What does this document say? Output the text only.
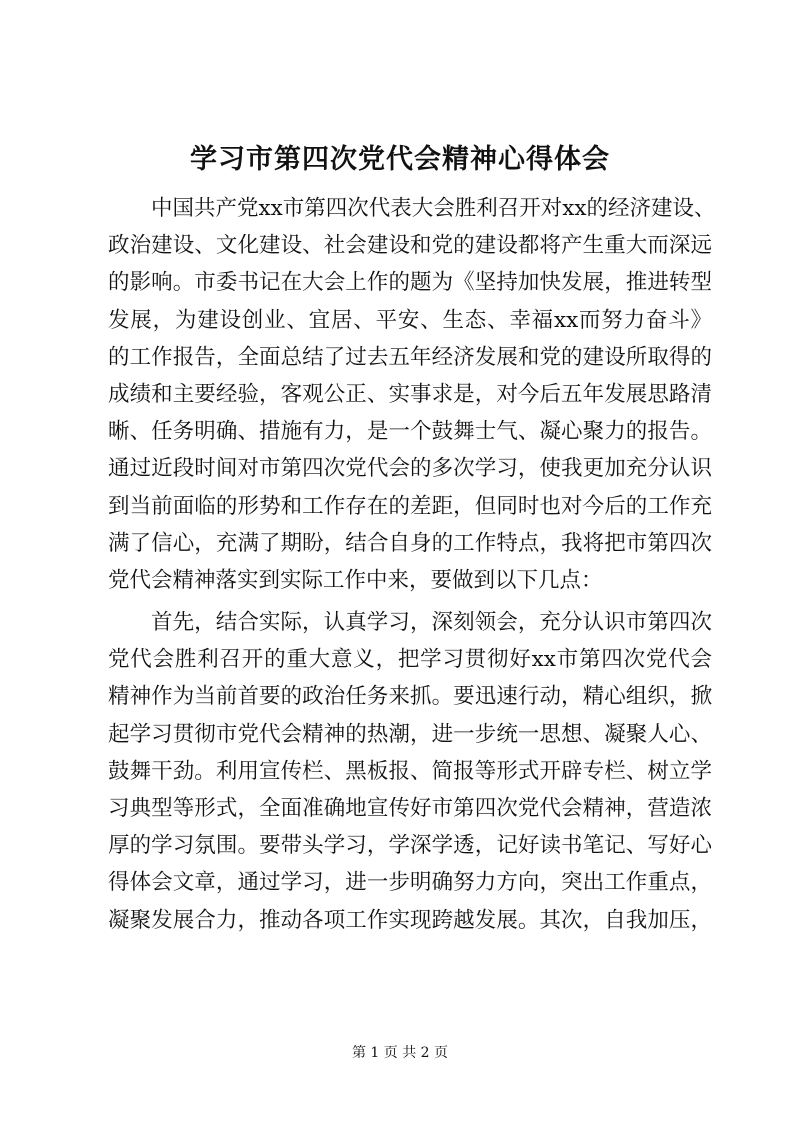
学习市第四次党代会精神心得体会
中国共产党xx市第四次代表大会胜利召开对xx的经济建设、
政治建设、文化建设、社会建设和党的建设都将产生重大而深远
的影响。市委书记在大会上作的题为《坚持加快发展，推进转型
发展，为建设创业、宜居、平安、生态、幸福xx而努力奋斗》
的工作报告，全面总结了过去五年经济发展和党的建设所取得的
成绩和主要经验，客观公正、实事求是，对今后五年发展思路清
晰、任务明确、措施有力，是一个鼓舞士气、凝心聚力的报告。
通过近段时间对市第四次党代会的多次学习，使我更加充分认识
到当前面临的形势和工作存在的差距，但同时也对今后的工作充
满了信心，充满了期盼，结合自身的工作特点，我将把市第四次
党代会精神落实到实际工作中来，要做到以下几点：
首先，结合实际，认真学习，深刻领会，充分认识市第四次
党代会胜利召开的重大意义，把学习贯彻好xx市第四次党代会
精神作为当前首要的政治任务来抓。要迅速行动，精心组织，掀
起学习贯彻市党代会精神的热潮，进一步统一思想、凝聚人心、
鼓舞干劲。利用宣传栏、黑板报、简报等形式开辟专栏、树立学
习典型等形式，全面准确地宣传好市第四次党代会精神，营造浓
厚的学习氛围。要带头学习，学深学透，记好读书笔记、写好心
得体会文章，通过学习，进一步明确努力方向，突出工作重点，
凝聚发展合力，推动各项工作实现跨越发展。其次，自我加压，
第 1 页 共 2 页
